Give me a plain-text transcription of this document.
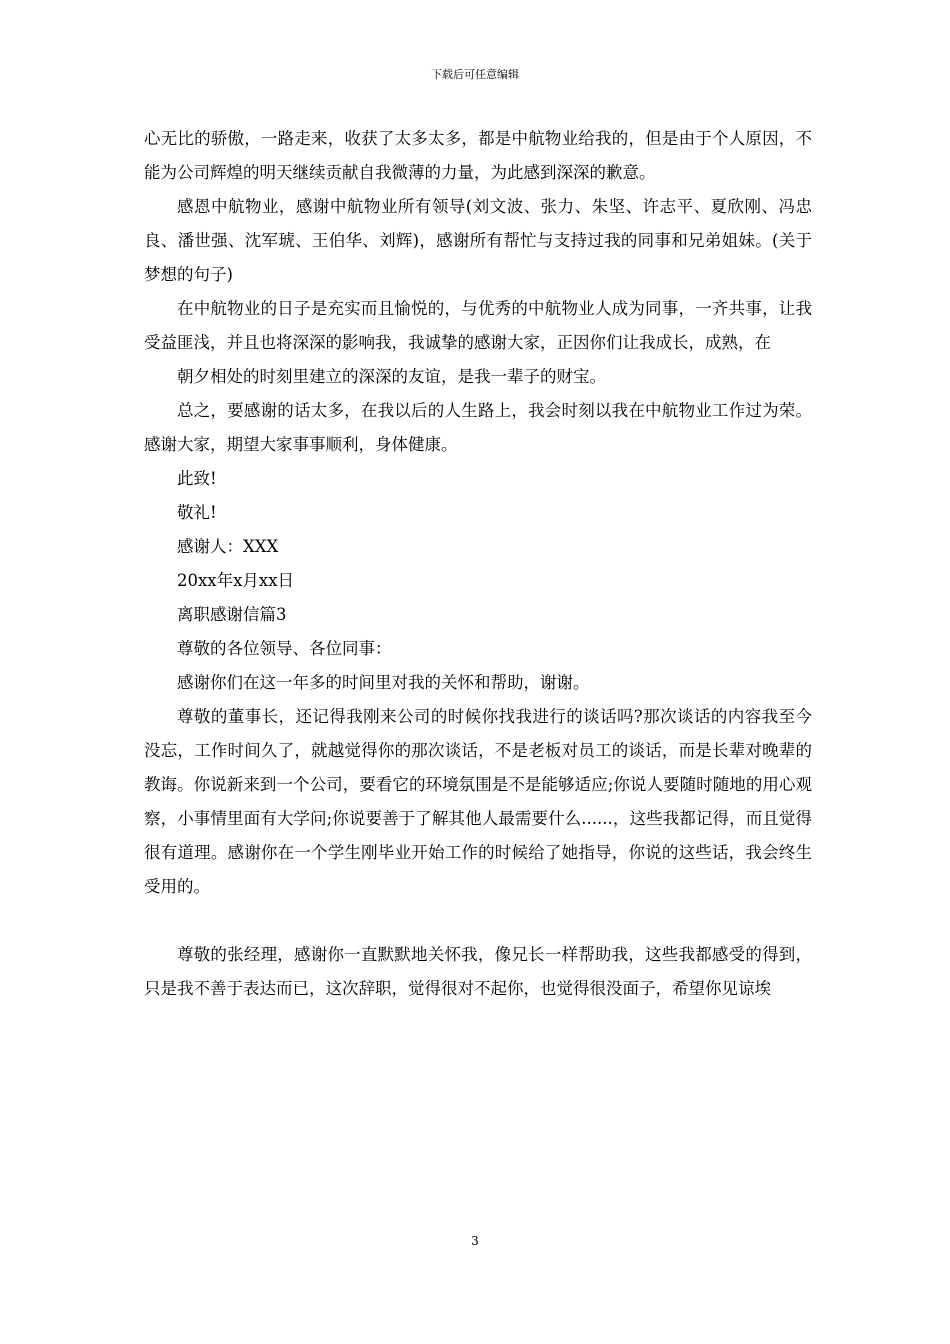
下载后可任意编辑

心无比的骄傲，一路走来，收获了太多太多，都是中航物业给我的，但是由于个人原因，不能为公司辉煌的明天继续贡献自我微薄的力量，为此感到深深的歉意。

感恩中航物业，感谢中航物业所有领导(刘文波、张力、朱坚、许志平、夏欣刚、冯忠良、潘世强、沈军琥、王伯华、刘辉)，感谢所有帮忙与支持过我的同事和兄弟姐妹。(关于梦想的句子)

在中航物业的日子是充实而且愉悦的，与优秀的中航物业人成为同事，一齐共事，让我受益匪浅，并且也将深深的影响我，我诚挚的感谢大家，正因你们让我成长，成熟，在

朝夕相处的时刻里建立的深深的友谊，是我一辈子的财宝。

总之，要感谢的话太多，在我以后的人生路上，我会时刻以我在中航物业工作过为荣。感谢大家，期望大家事事顺利，身体健康。

此致!

敬礼!

感谢人：XXX

20xx年x月xx日

离职感谢信篇3

尊敬的各位领导、各位同事：

感谢你们在这一年多的时间里对我的关怀和帮助，谢谢。

尊敬的董事长，还记得我刚来公司的时候你找我进行的谈话吗?那次谈话的内容我至今没忘，工作时间久了，就越觉得你的那次谈话，不是老板对员工的谈话，而是长辈对晚辈的教诲。你说新来到一个公司，要看它的环境氛围是不是能够适应;你说人要随时随地的用心观察，小事情里面有大学问;你说要善于了解其他人最需要什么......，这些我都记得，而且觉得很有道理。感谢你在一个学生刚毕业开始工作的时候给了她指导，你说的这些话，我会终生受用的。

尊敬的张经理，感谢你一直默默地关怀我，像兄长一样帮助我，这些我都感受的得到，只是我不善于表达而已，这次辞职，觉得很对不起你，也觉得很没面子，希望你见谅埃

3
